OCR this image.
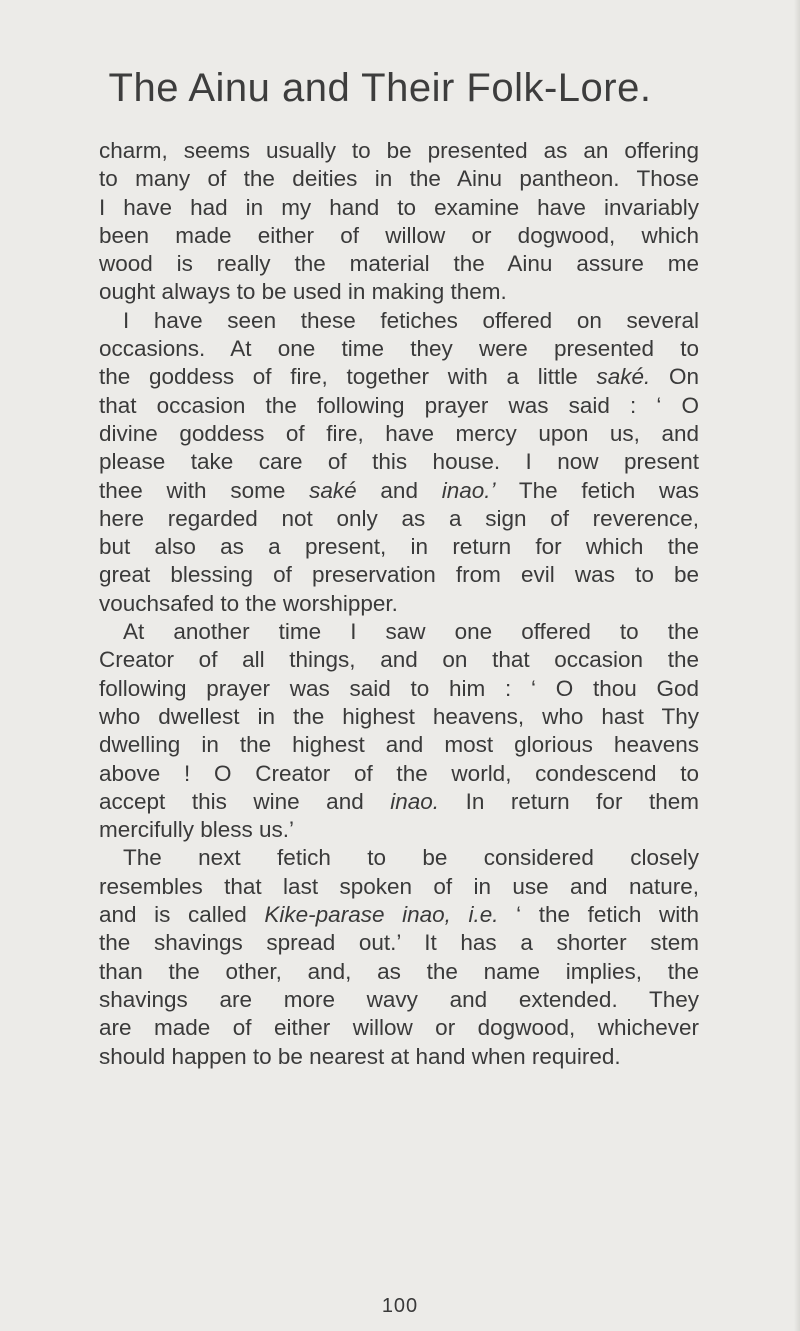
The Ainu and Their Folk-Lore.
charm, seems usually to be presented as an offering
to many of the deities in the Ainu pantheon. Those
I have had in my hand to examine have invariably
been made either of willow or dogwood, which
wood is really the material the Ainu assure me
ought always to be used in making them.
I have seen these fetiches offered on several
occasions. At one time they were presented to
the goddess of fire, together with a little saké. On
that occasion the following prayer was said : ‘ O
divine goddess of fire, have mercy upon us, and
please take care of this house. I now present
thee with some saké and inao.’ The fetich was
here regarded not only as a sign of reverence,
but also as a present, in return for which the
great blessing of preservation from evil was to be
vouchsafed to the worshipper.
At another time I saw one offered to the
Creator of all things, and on that occasion the
following prayer was said to him : ‘ O thou God
who dwellest in the highest heavens, who hast Thy
dwelling in the highest and most glorious heavens
above ! O Creator of the world, condescend to
accept this wine and inao. In return for them
mercifully bless us.’
The next fetich to be considered closely
resembles that last spoken of in use and nature,
and is called Kike-parase inao, i.e. ‘ the fetich with
the shavings spread out.’ It has a shorter stem
than the other, and, as the name implies, the
shavings are more wavy and extended. They
are made of either willow or dogwood, whichever
should happen to be nearest at hand when required.
100
